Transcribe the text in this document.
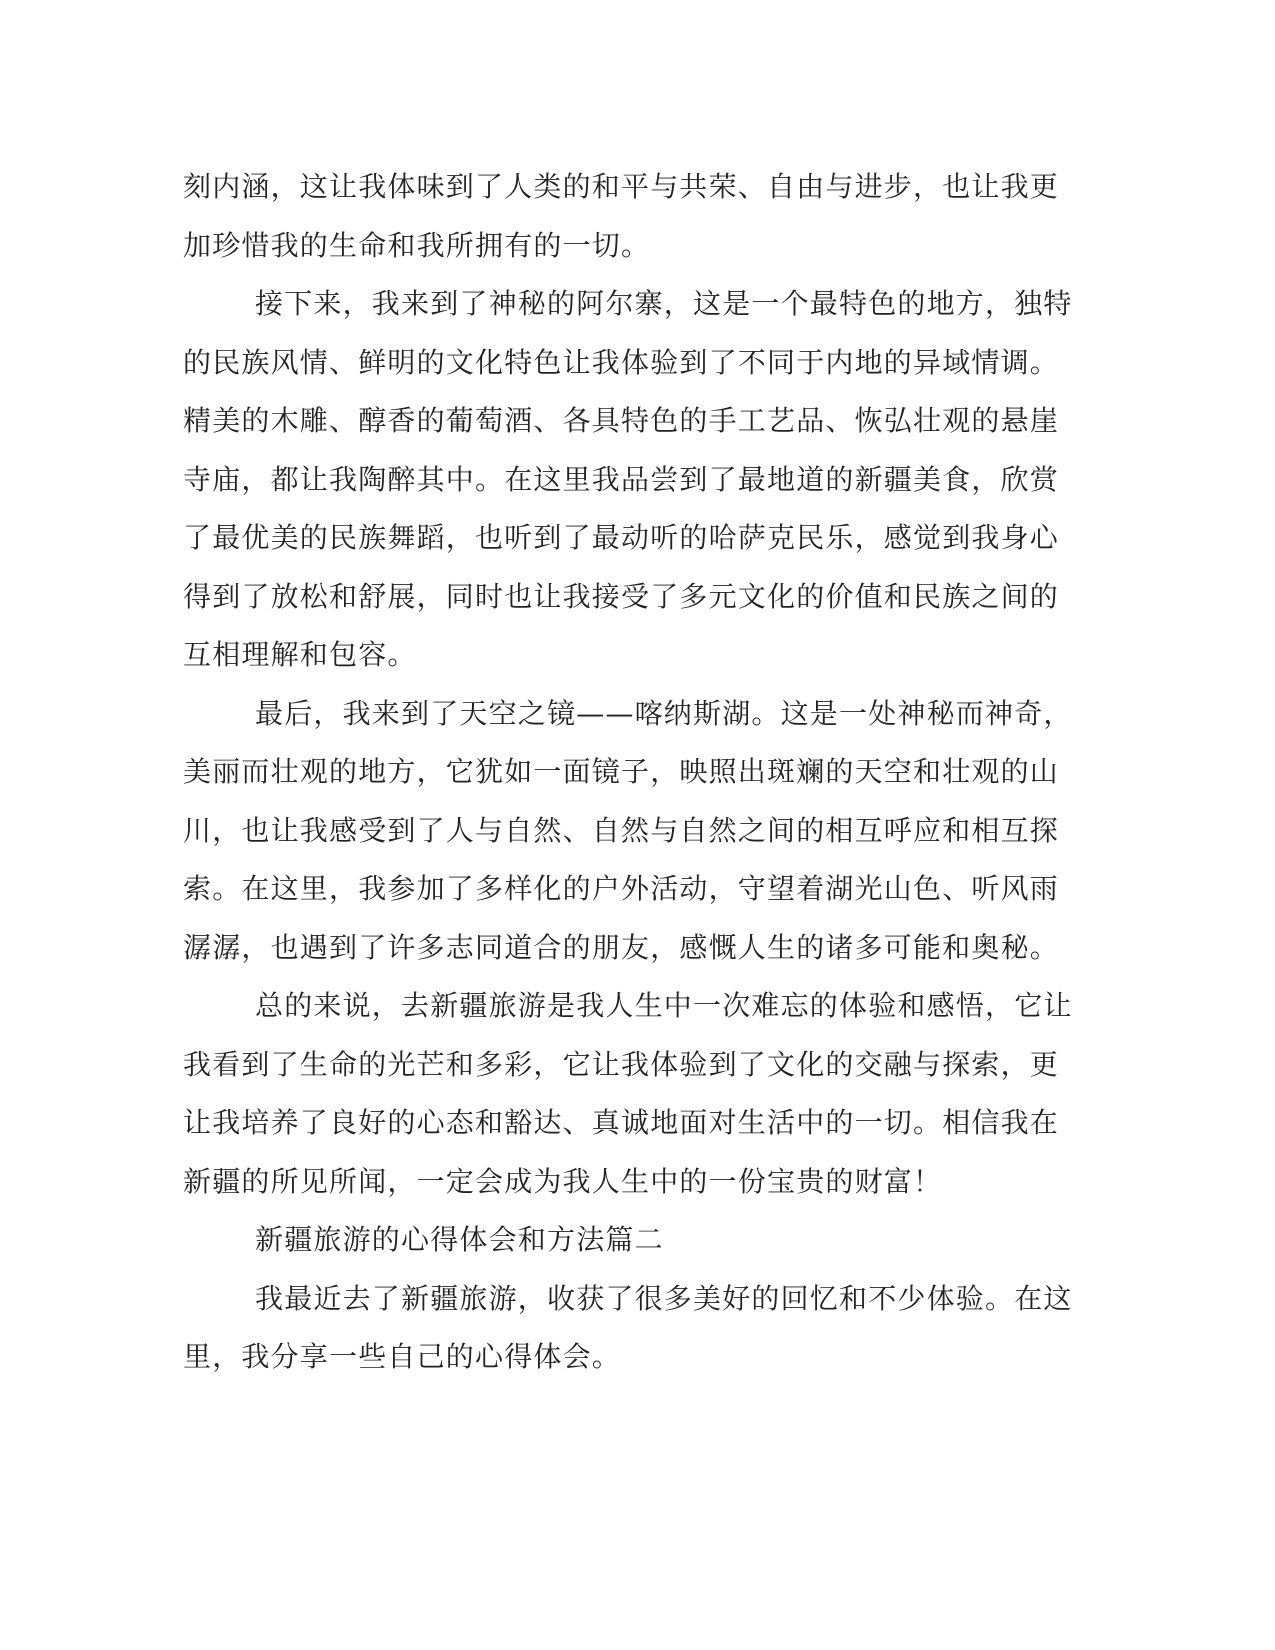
刻内涵，这让我体味到了人类的和平与共荣、自由与进步，也让我更
加珍惜我的生命和我所拥有的一切。
接下来，我来到了神秘的阿尔寨，这是一个最特色的地方，独特
的民族风情、鲜明的文化特色让我体验到了不同于内地的异域情调。
精美的木雕、醇香的葡萄酒、各具特色的手工艺品、恢弘壮观的悬崖
寺庙，都让我陶醉其中。在这里我品尝到了最地道的新疆美食，欣赏
了最优美的民族舞蹈，也听到了最动听的哈萨克民乐，感觉到我身心
得到了放松和舒展，同时也让我接受了多元文化的价值和民族之间的
互相理解和包容。
最后，我来到了天空之镜——喀纳斯湖。这是一处神秘而神奇，
美丽而壮观的地方，它犹如一面镜子，映照出斑斓的天空和壮观的山
川，也让我感受到了人与自然、自然与自然之间的相互呼应和相互探
索。在这里，我参加了多样化的户外活动，守望着湖光山色、听风雨
潺潺，也遇到了许多志同道合的朋友，感慨人生的诸多可能和奥秘。
总的来说，去新疆旅游是我人生中一次难忘的体验和感悟，它让
我看到了生命的光芒和多彩，它让我体验到了文化的交融与探索，更
让我培养了良好的心态和豁达、真诚地面对生活中的一切。相信我在
新疆的所见所闻，一定会成为我人生中的一份宝贵的财富！
新疆旅游的心得体会和方法篇二
我最近去了新疆旅游，收获了很多美好的回忆和不少体验。在这
里，我分享一些自己的心得体会。
